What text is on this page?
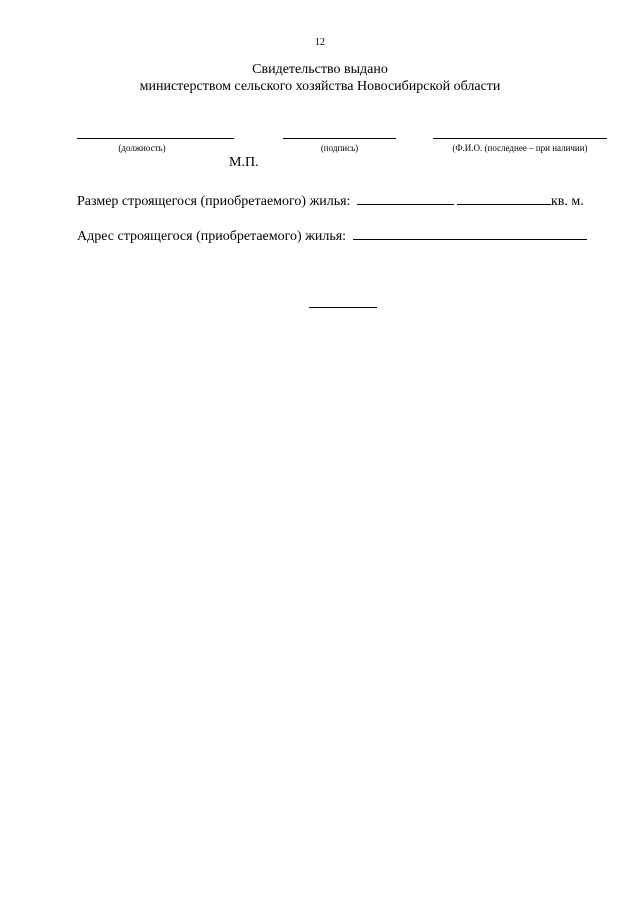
12
Свидетельство выдано
министерством сельского хозяйства Новосибирской области
(должность)	(подпись)	(Ф.И.О. (последнее – при наличии)
М.П.
Размер строящегося (приобретаемого) жилья:	кв. м.
Адрес строящегося (приобретаемого) жилья:
